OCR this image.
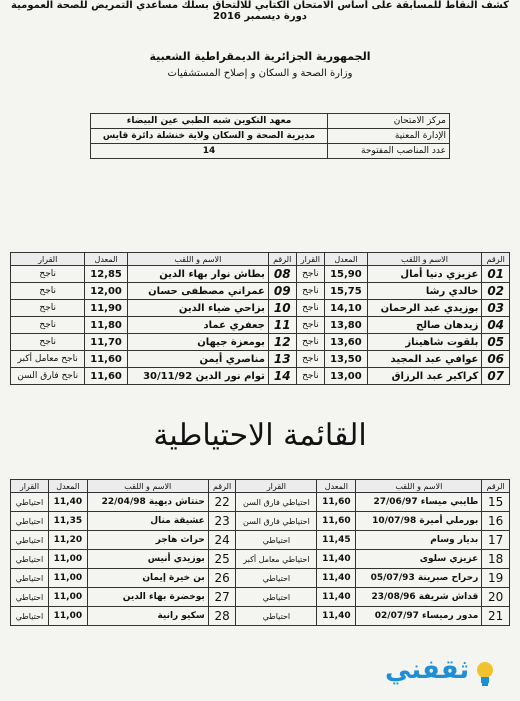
الجمهورية الجزائرية الديمقراطية الشعبية
وزارة الصحة و السكان و إصلاح المستشفيات
مركز الامتحان	معهد التكوين شبه الطبي عين البيضاء
الإدارة المعنية	مديرية الصحة و السكان ولاية خنشلة دائرة قايس
عدد المناصب المفتوحة	14
كشف النقاط للمسابقة على أساس الامتحان الكتابي للالتحاق بسلك مساعدي التمريض للصحة العمومية
دورة ديسمبر 2016
الرقم	الاسم و اللقب	المعدل	القرار	الرقم	الاسم و اللقب	المعدل	القرار
01	عزيزي دنيا أمال	15,90	ناجح	08	بطاش نوار بهاء الدين	12,85	ناجح
02	خالدي رشا	15,75	ناجح	09	عمراني مصطفى حسان	12,00	ناجح
03	بوزيدي عبد الرحمان	14,10	ناجح	10	بزاحي ضياء الدين	11,90	ناجح
04	زيدهان صالح	13,80	ناجح	11	جعفري عماد	11,80	ناجح
05	بلقوت شاهيناز	13,60	ناجح	12	بومعزة جيهان	11,70	ناجح
06	عوافي عبد المجيد	13,50	ناجح	13	مناصري أيمن	11,60	ناجح معامل أكبر
07	كراكير عبد الرزاق	13,00	ناجح	14	توام نور الدين 30/11/92	11,60	ناجح فارق السن
القائمة الاحتياطية
الرقم	الاسم و اللقب	المعدل	القرار	الرقم	الاسم و اللقب	المعدل	القرار
15	طايبي ميساء 27/06/97	11,60	احتياطي فارق السن	22	حنتاش ديهية 22/04/98	11,40	احتياطي
16	بورملي أميرة 10/07/98	11,60	احتياطي فارق السن	23	عشيقة منال	11,35	احتياطي
17	بديار وسام	11,45	احتياطي	24	حراث هاجر	11,20	احتياطي
18	عزيزي سلوى	11,40	احتياطي معامل أكبر	25	بوزيدي أنيس	11,00	احتياطي
19	رحراح صبرينة 05/07/93	11,40	احتياطي	26	بن خيرة إيمان	11,00	احتياطي
20	قداش شريفة 23/08/96	11,40	احتياطي	27	بوخضرة بهاء الدين	11,00	احتياطي
21	مدور رميساء 02/07/97	11,40	احتياطي	28	سكيو رانية	11,00	احتياطي
ثقفني
